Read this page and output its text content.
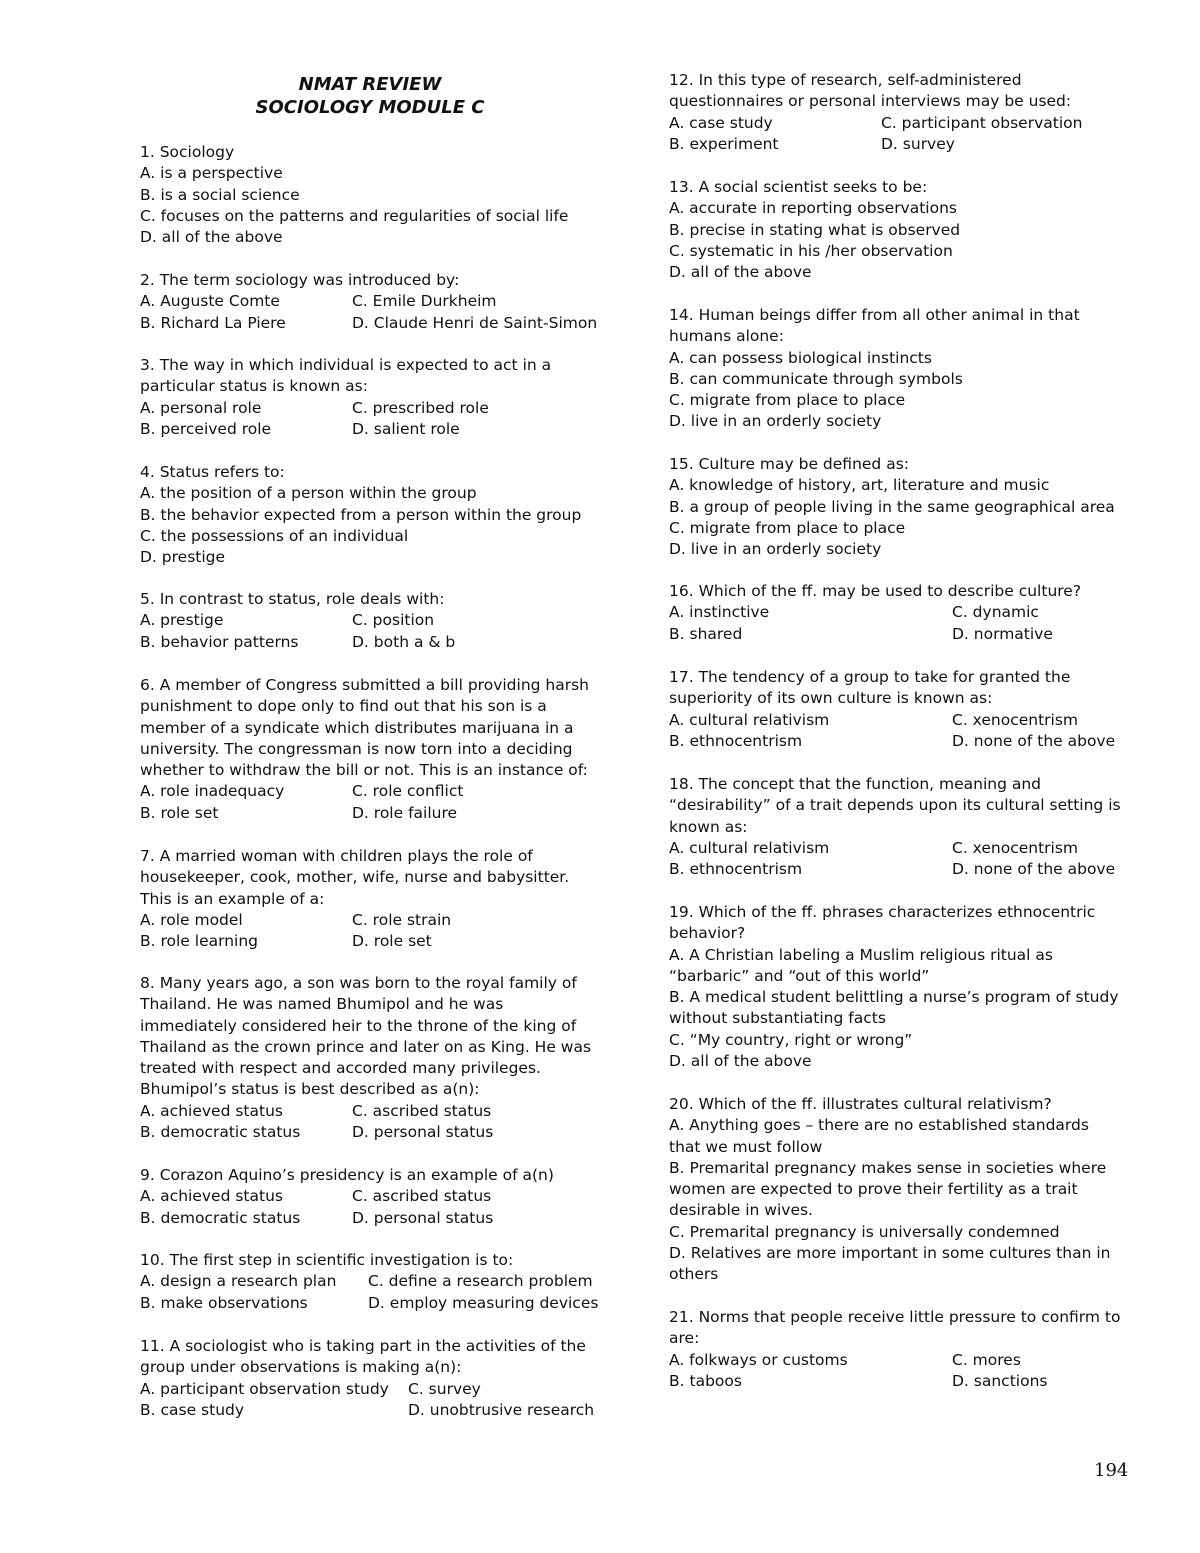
NMAT REVIEW
SOCIOLOGY MODULE C
1. Sociology
A. is a perspective
B. is a social science
C. focuses on the patterns and regularities of social life
D. all of the above
2. The term sociology was introduced by:
A. Auguste Comte	C. Emile Durkheim
B. Richard La Piere	D. Claude Henri de Saint-Simon
3. The way in which individual is expected to act in a
particular status is known as:
A. personal role	C. prescribed role
B. perceived role	D. salient role
4. Status refers to:
A. the position of a person within the group
B. the behavior expected from a person within the group
C. the possessions of an individual
D. prestige
5. In contrast to status, role deals with:
A. prestige	C. position
B. behavior patterns	D. both a & b
6. A member of Congress submitted a bill providing harsh
punishment to dope only to find out that his son is a
member of a syndicate which distributes marijuana in a
university. The congressman is now torn into a deciding
whether to withdraw the bill or not. This is an instance of:
A. role inadequacy	C. role conflict
B. role set	D. role failure
7. A married woman with children plays the role of
housekeeper, cook, mother, wife, nurse and babysitter.
This is an example of a:
A. role model	C. role strain
B. role learning	D. role set
8. Many years ago, a son was born to the royal family of
Thailand. He was named Bhumipol and he was
immediately considered heir to the throne of the king of
Thailand as the crown prince and later on as King. He was
treated with respect and accorded many privileges.
Bhumipol’s status is best described as a(n):
A. achieved status	C. ascribed status
B. democratic status	D. personal status
9. Corazon Aquino’s presidency is an example of a(n)
A. achieved status	C. ascribed status
B. democratic status	D. personal status
10. The first step in scientific investigation is to:
A. design a research plan	C. define a research problem
B. make observations	D. employ measuring devices
11. A sociologist who is taking part in the activities of the
group under observations is making a(n):
A. participant observation study	C. survey
B. case study	D. unobtrusive research
12. In this type of research, self-administered
questionnaires or personal interviews may be used:
A. case study	C. participant observation
B. experiment	D. survey
13. A social scientist seeks to be:
A. accurate in reporting observations
B. precise in stating what is observed
C. systematic in his /her observation
D. all of the above
14. Human beings differ from all other animal in that
humans alone:
A. can possess biological instincts
B. can communicate through symbols
C. migrate from place to place
D. live in an orderly society
15. Culture may be defined as:
A. knowledge of history, art, literature and music
B. a group of people living in the same geographical area
C. migrate from place to place
D. live in an orderly society
16. Which of the ff. may be used to describe culture?
A. instinctive	C. dynamic
B. shared	D. normative
17. The tendency of a group to take for granted the
superiority of its own culture is known as:
A. cultural relativism	C. xenocentrism
B. ethnocentrism	D. none of the above
18. The concept that the function, meaning and
“desirability” of a trait depends upon its cultural setting is
known as:
A. cultural relativism	C. xenocentrism
B. ethnocentrism	D. none of the above
19. Which of the ff. phrases characterizes ethnocentric
behavior?
A. A Christian labeling a Muslim religious ritual as
“barbaric” and “out of this world”
B. A medical student belittling a nurse’s program of study
without substantiating facts
C. “My country, right or wrong”
D. all of the above
20. Which of the ff. illustrates cultural relativism?
A. Anything goes – there are no established standards
that we must follow
B. Premarital pregnancy makes sense in societies where
women are expected to prove their fertility as a trait
desirable in wives.
C. Premarital pregnancy is universally condemned
D. Relatives are more important in some cultures than in
others
21. Norms that people receive little pressure to confirm to
are:
A. folkways or customs	C. mores
B. taboos	D. sanctions
194
